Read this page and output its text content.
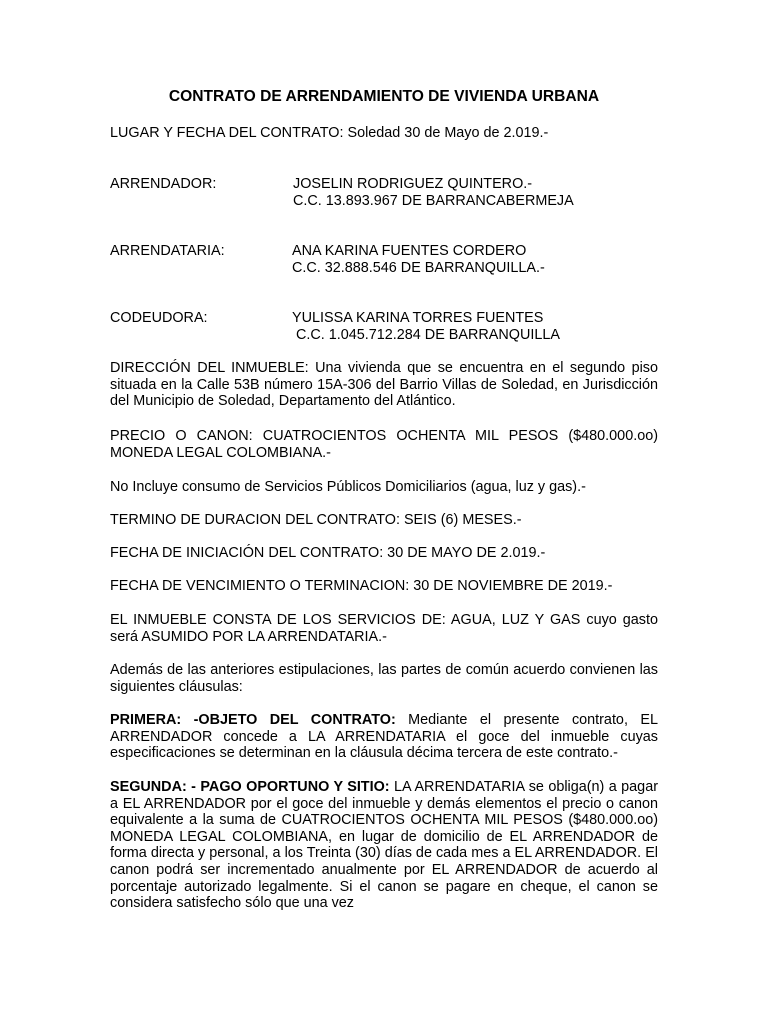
CONTRATO DE ARRENDAMIENTO DE VIVIENDA URBANA
LUGAR Y FECHA DEL CONTRATO: Soledad 30 de Mayo de 2.019.-
ARRENDADOR:	JOSELIN RODRIGUEZ QUINTERO.-
C.C. 13.893.967 DE BARRANCABERMEJA
ARRENDATARIA:	ANA KARINA FUENTES CORDERO
C.C. 32.888.546 DE BARRANQUILLA.-
CODEUDORA:	YULISSA KARINA TORRES FUENTES
C.C. 1.045.712.284 DE BARRANQUILLA
DIRECCIÓN DEL INMUEBLE: Una vivienda que se encuentra en el segundo piso situada en la Calle 53B número 15A-306 del Barrio Villas de Soledad, en Jurisdicción del Municipio de Soledad, Departamento del Atlántico.
PRECIO O CANON: CUATROCIENTOS OCHENTA MIL PESOS ($480.000.oo) MONEDA LEGAL COLOMBIANA.-
No Incluye consumo de Servicios Públicos Domiciliarios (agua, luz y gas).-
TERMINO DE DURACION DEL CONTRATO: SEIS (6) MESES.-
FECHA DE INICIACIÓN DEL CONTRATO: 30 DE MAYO DE 2.019.-
FECHA DE VENCIMIENTO O TERMINACION: 30 DE NOVIEMBRE DE 2019.-
EL INMUEBLE CONSTA DE LOS SERVICIOS DE: AGUA, LUZ Y GAS cuyo gasto será ASUMIDO POR LA ARRENDATARIA.-
Además de las anteriores estipulaciones, las partes de común acuerdo convienen las siguientes cláusulas:
PRIMERA: -OBJETO DEL CONTRATO: Mediante el presente contrato, EL ARRENDADOR concede a LA ARRENDATARIA el goce del inmueble cuyas especificaciones se determinan en la cláusula décima tercera de este contrato.-
SEGUNDA: - PAGO OPORTUNO Y SITIO: LA ARRENDATARIA se obliga(n) a pagar a EL ARRENDADOR por el goce del inmueble y demás elementos el precio o canon equivalente a la suma de CUATROCIENTOS OCHENTA MIL PESOS ($480.000.oo) MONEDA LEGAL COLOMBIANA, en lugar de domicilio de EL ARRENDADOR de forma directa y personal, a los Treinta (30) días de cada mes a EL ARRENDADOR. El canon podrá ser incrementado anualmente por EL ARRENDADOR de acuerdo al porcentaje autorizado legalmente. Si el canon se pagare en cheque, el canon se considera satisfecho sólo que una vez
